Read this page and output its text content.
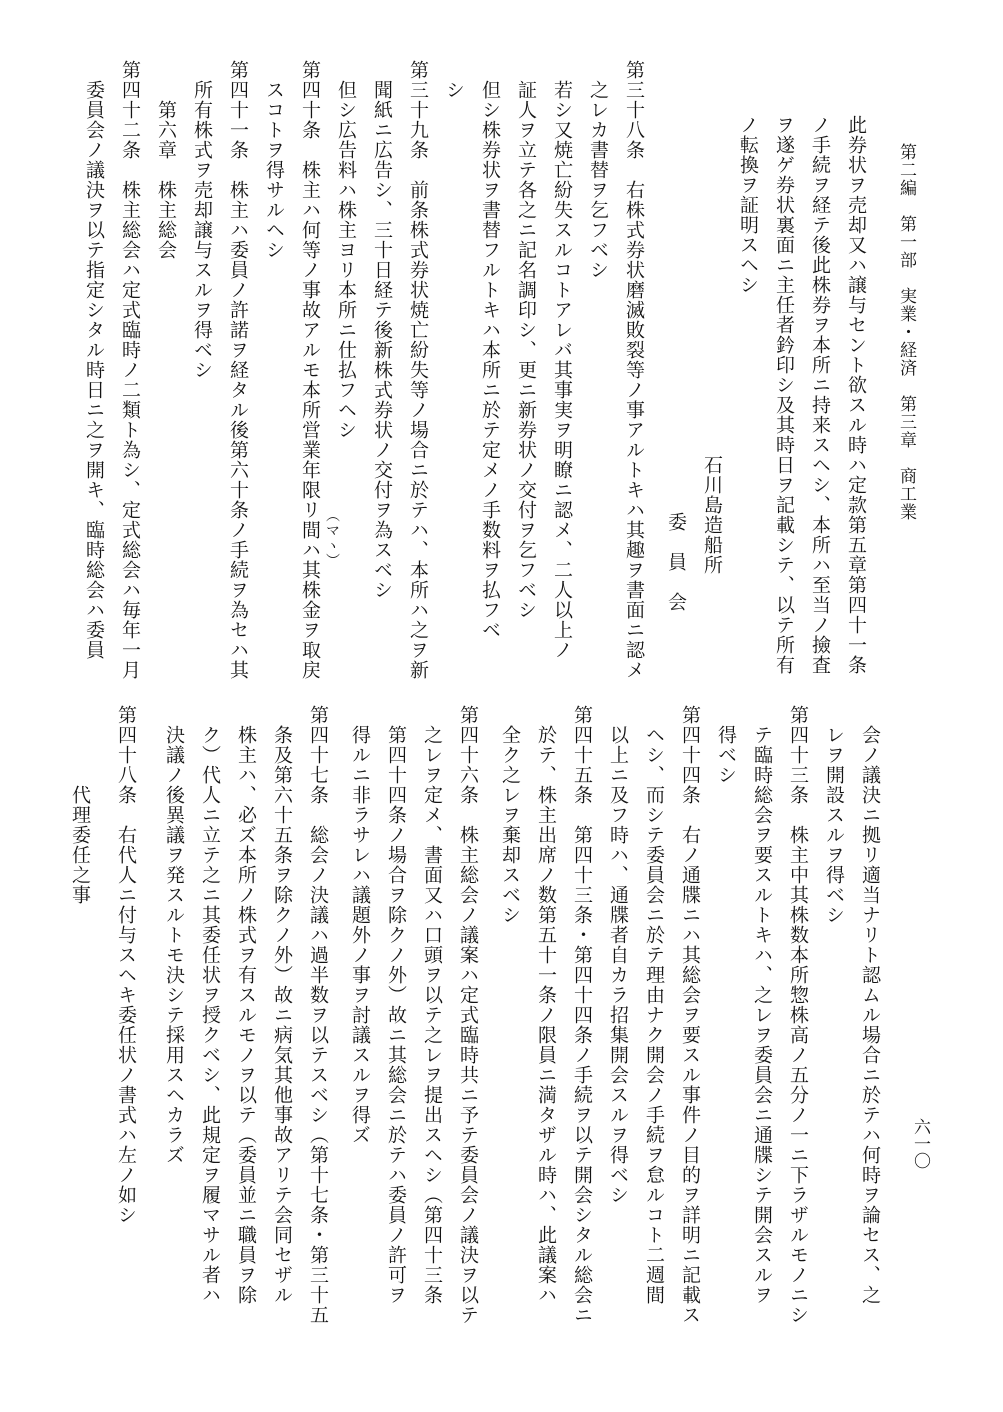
第二編　第一部　実業・経済　第三章　商工業
六一〇

此券状ヲ売却又ハ譲与セント欲スル時ハ定款第五章第四十一条

ノ手続ヲ経テ後此株券ヲ本所ニ持来スヘシ、本所ハ至当ノ撿査

ヲ遂ゲ券状裏面ニ主任者鈐印シ及其時日ヲ記載シテ、以テ所有

ノ転換ヲ証明スヘシ

石川島造船所

委　員　会

第三十八条　右株式券状磨滅敗裂等ノ事アルトキハ其趣ヲ書面ニ認メ

之レカ書替ヲ乞フベシ

若シ又焼亡紛失スルコトアレバ其事実ヲ明瞭ニ認メ、二人以上ノ

証人ヲ立テ各之ニ記名調印シ、更ニ新券状ノ交付ヲ乞フベシ

但シ株券状ヲ書替フルトキハ本所ニ於テ定メノ手数料ヲ払フベ

シ

第三十九条　前条株式券状焼亡紛失等ノ場合ニ於テハ、本所ハ之ヲ新

聞紙ニ広告シ、三十日経テ後新株式券状ノ交付ヲ為スベシ

但シ広告料ハ株主ヨリ本所ニ仕払フヘシ

第四十条　株主ハ何等ノ事故アルモ本所営業年限リ間ハ其株金ヲ取戻 （マヽ）

スコトヲ得サルヘシ

第四十一条　株主ハ委員ノ許諾ヲ経タル後第六十条ノ手続ヲ為セハ其

所有株式ヲ売却譲与スルヲ得ベシ

第六章　株主総会

第四十二条　株主総会ハ定式臨時ノ二類ト為シ、定式総会ハ毎年一月

委員会ノ議決ヲ以テ指定シタル時日ニ之ヲ開キ、臨時総会ハ委員

会ノ議決ニ拠リ適当ナリト認ムル場合ニ於テハ何時ヲ論セス、之

レヲ開設スルヲ得ベシ

第四十三条　株主中其株数本所惣株高ノ五分ノ一ニ下ラザルモノニシ

テ臨時総会ヲ要スルトキハ、之レヲ委員会ニ通牒シテ開会スルヲ

得ベシ

第四十四条　右ノ通牒ニハ其総会ヲ要スル事件ノ目的ヲ詳明ニ記載ス

ヘシ、而シテ委員会ニ於テ理由ナク開会ノ手続ヲ怠ルコト二週間

以上ニ及フ時ハ、通牒者自カラ招集開会スルヲ得ベシ

第四十五条　第四十三条・第四十四条ノ手続ヲ以テ開会シタル総会ニ

於テ、株主出席ノ数第五十一条ノ限員ニ満タザル時ハ、此議案ハ

全ク之レヲ棄却スベシ

第四十六条　株主総会ノ議案ハ定式臨時共ニ予テ委員会ノ議決ヲ以テ

之レヲ定メ、書面又ハ口頭ヲ以テ之レヲ提出スヘシ（第四十三条

第四十四条ノ場合ヲ除クノ外）故ニ其総会ニ於テハ委員ノ許可ヲ

得ルニ非ラサレハ議題外ノ事ヲ討議スルヲ得ズ

第四十七条　総会ノ決議ハ過半数ヲ以テスベシ（第十七条・第三十五

条及第六十五条ヲ除クノ外）故ニ病気其他事故アリテ会同セザル

株主ハ、必ズ本所ノ株式ヲ有スルモノヲ以テ（委員並ニ職員ヲ除

ク）代人ニ立テ之ニ其委任状ヲ授クベシ、此規定ヲ履マサル者ハ

決議ノ後異議ヲ発スルトモ決シテ採用スヘカラズ

第四十八条　右代人ニ付与スヘキ委任状ノ書式ハ左ノ如シ

代理委任之事
